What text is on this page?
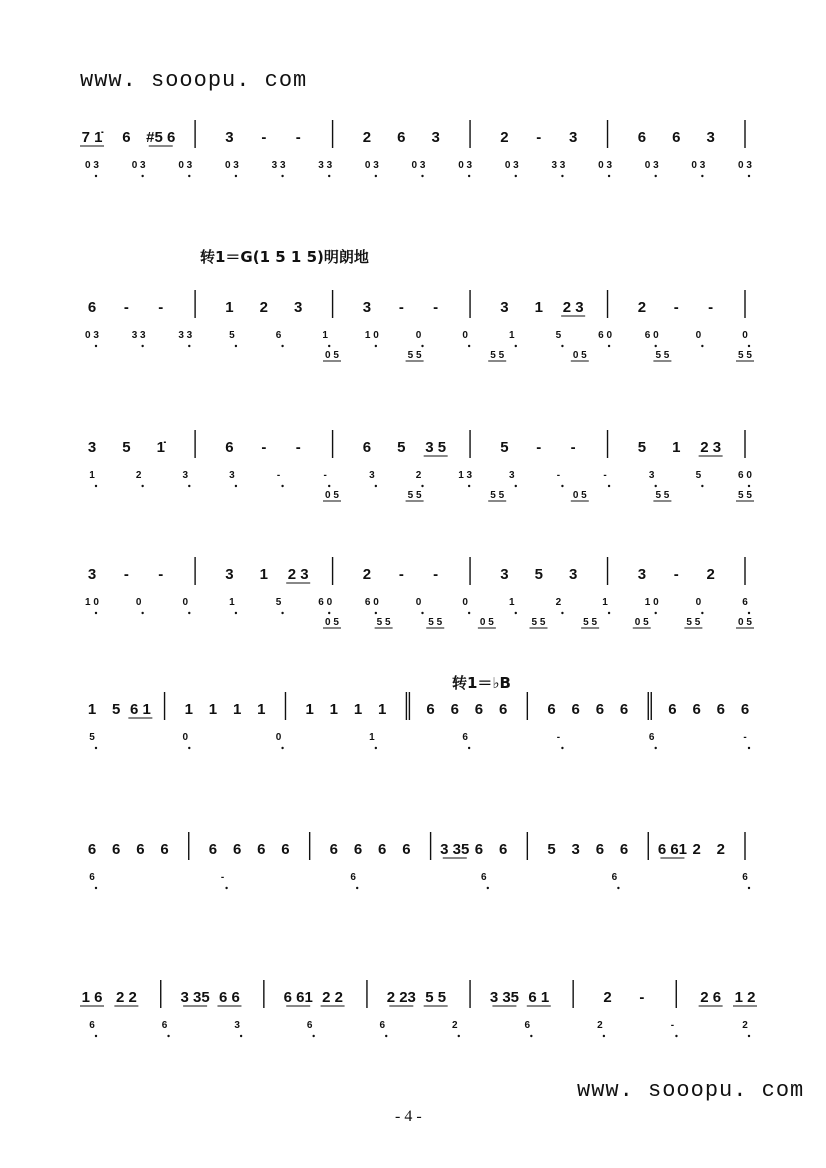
www. sooopu. com
转1＝G(1 5 1 5)明朗地
转1＝♭B
7 1̇ 6 #5 6	3 - -	2 6 3	2 - 3	6 6 3
0 3	0 3	0 3	0 3	3 3	3 3	0 3	0 3	0 3	0 3	3 3	0 3	0 3	0 3	0 3
6 - -	1 2 3	3 - -	3 1 2 3	2 - -
0 3	3 3	3 3	5	6	1	1 0	0	0	1	5	6 0	6 0	0	0
0 5	5 5	5 5	0 5	5 5	5 5
3 5 1̇	6 - -	6 5 3 5	5 - -	5 1 2 3
1	2	3	3	-	-	3	2	1 3	3	-	-	3	5	6 0
0 5	5 5	5 5	0 5	5 5	5 5
3 - -	3 1 2 3	2 - -	3 5 3	3 - 2
1 0	0	0	1	5	6 0	6 0	0	0	1	2	1	1 0	0	6
0 5	5 5	5 5	0 5	5 5	5 5	0 5	5 5	0 5
1 5 6 1 1 1 1 1	1 1 1 1	6 6 6 6	6 6 6 6	6 6 6 6
5	0	0	1	6	-	6	-
6 6 6 6	6 6 6 6	6 6 6 6 3 35 6 6	5 3 6 6 6 61 2 2
6	-	6	6	6	6
1 6 2 2	3 35 6 6	6 61 2 2	2 23 5 5	3 35 6 1	2 -	2 6 1 2
6	6	3	6	6	2	6	2	-	2
www. sooopu. com
- 4 -
